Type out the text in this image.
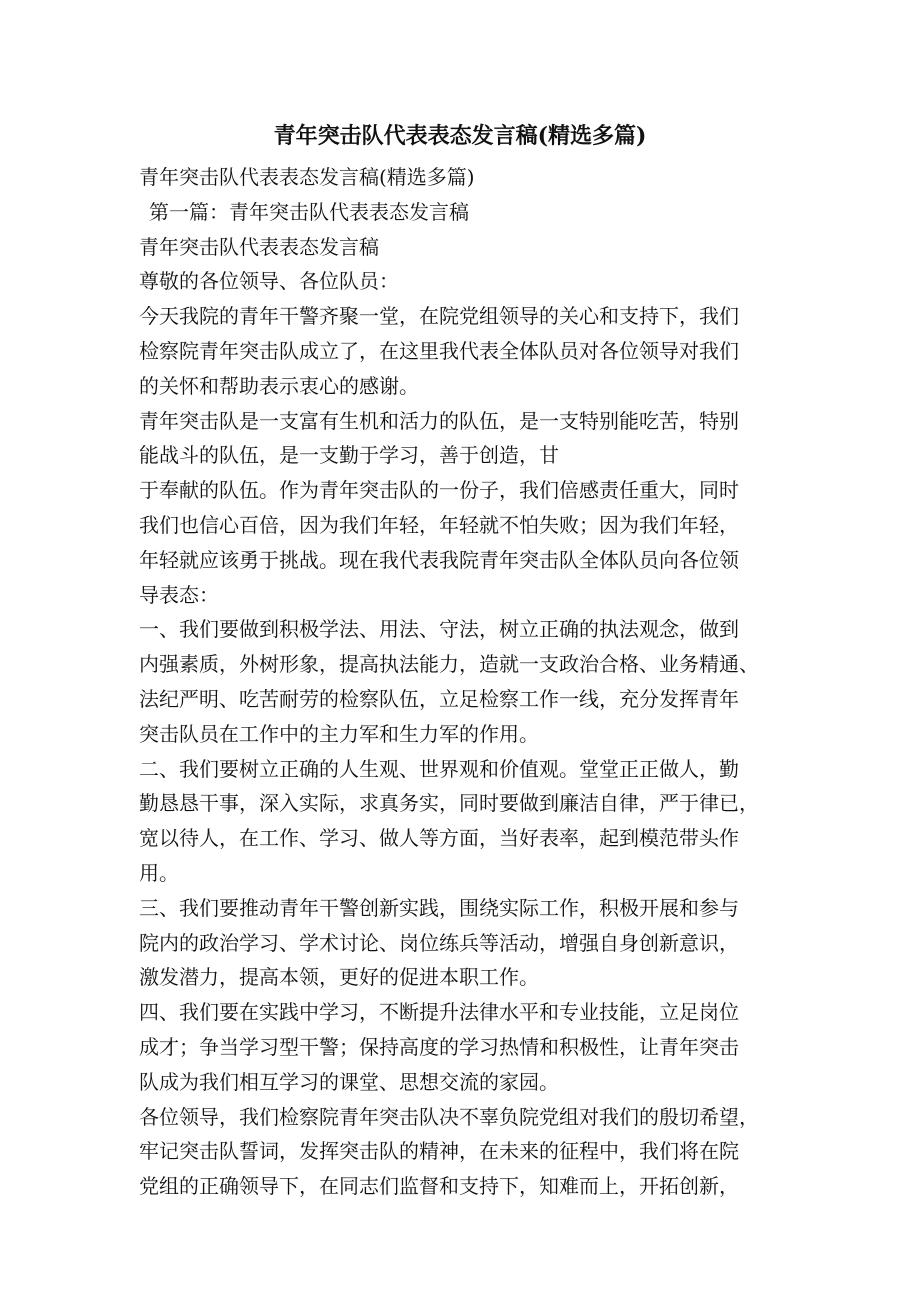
青年突击队代表表态发言稿(精选多篇)

青年突击队代表表态发言稿(精选多篇)

第一篇：青年突击队代表表态发言稿

青年突击队代表表态发言稿

尊敬的各位领导、各位队员：

今天我院的青年干警齐聚一堂，在院党组领导的关心和支持下，我们

检察院青年突击队成立了，在这里我代表全体队员对各位领导对我们

的关怀和帮助表示衷心的感谢。

青年突击队是一支富有生机和活力的队伍，是一支特别能吃苦，特别

能战斗的队伍，是一支勤于学习，善于创造，甘

于奉献的队伍。作为青年突击队的一份子，我们倍感责任重大，同时

我们也信心百倍，因为我们年轻，年轻就不怕失败；因为我们年轻，

年轻就应该勇于挑战。现在我代表我院青年突击队全体队员向各位领

导表态：

一、我们要做到积极学法、用法、守法，树立正确的执法观念，做到

内强素质，外树形象，提高执法能力，造就一支政治合格、业务精通、

法纪严明、吃苦耐劳的检察队伍，立足检察工作一线，充分发挥青年

突击队员在工作中的主力军和生力军的作用。

二、我们要树立正确的人生观、世界观和价值观。堂堂正正做人，勤

勤恳恳干事，深入实际，求真务实，同时要做到廉洁自律，严于律已，

宽以待人，在工作、学习、做人等方面，当好表率，起到模范带头作

用。

三、我们要推动青年干警创新实践，围绕实际工作，积极开展和参与

院内的政治学习、学术讨论、岗位练兵等活动，增强自身创新意识，

激发潜力，提高本领，更好的促进本职工作。

四、我们要在实践中学习，不断提升法律水平和专业技能，立足岗位

成才；争当学习型干警；保持高度的学习热情和积极性，让青年突击

队成为我们相互学习的课堂、思想交流的家园。

各位领导，我们检察院青年突击队决不辜负院党组对我们的殷切希望，

牢记突击队誓词，发挥突击队的精神，在未来的征程中，我们将在院

党组的正确领导下，在同志们监督和支持下，知难而上，开拓创新，
